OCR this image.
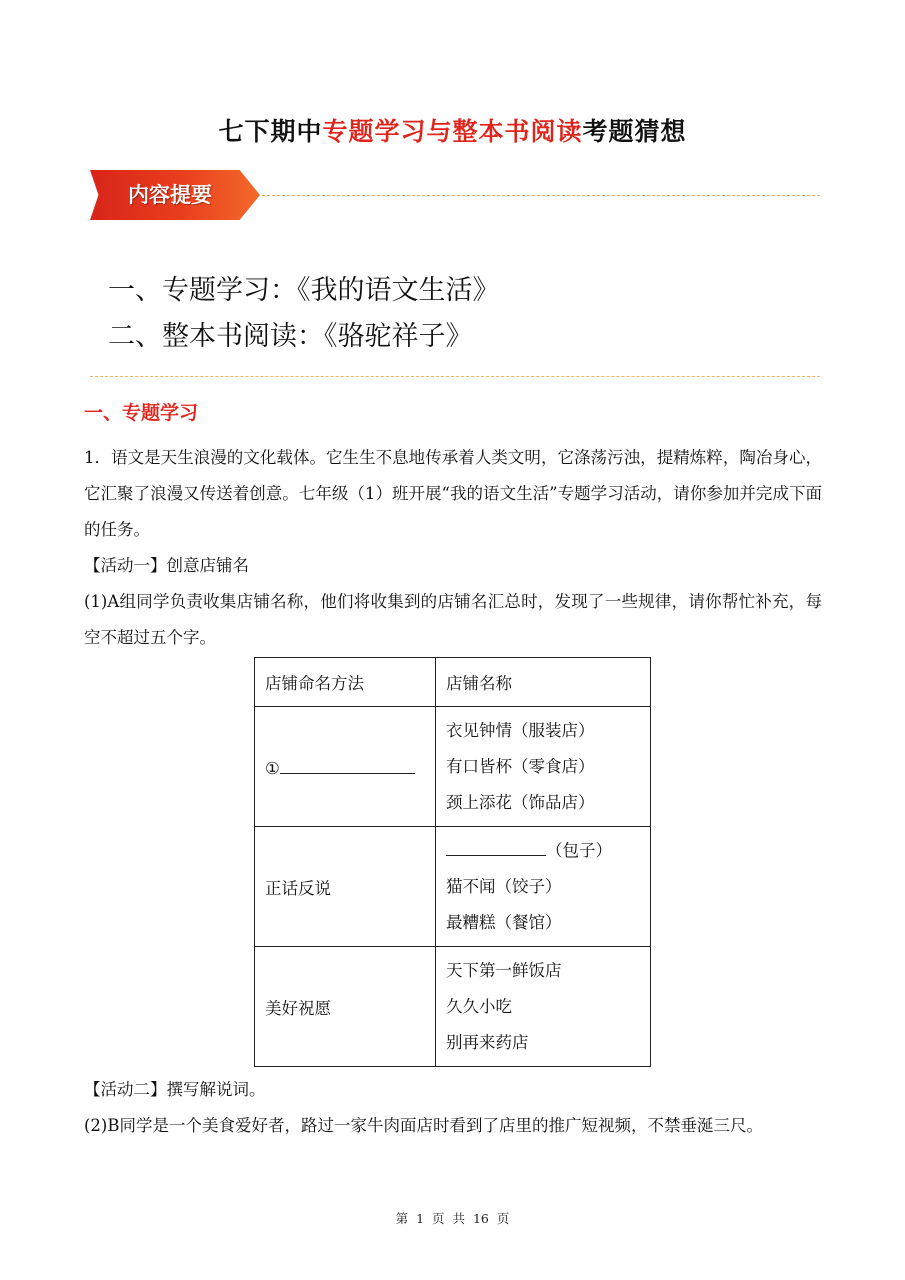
七下期中专题学习与整本书阅读考题猜想
内容提要
一、专题学习：《我的语文生活》
二、整本书阅读：《骆驼祥子》
一、专题学习
1．语文是天生浪漫的文化载体。它生生不息地传承着人类文明，它涤荡污浊，提精炼粹，陶冶身心，它汇聚了浪漫又传送着创意。七年级（1）班开展“我的语文生活”专题学习活动，请你参加并完成下面的任务。
【活动一】创意店铺名
(1)A组同学负责收集店铺名称，他们将收集到的店铺名汇总时，发现了一些规律，请你帮忙补充，每空不超过五个字。
店铺命名方法	店铺名称
①	衣见钟情（服装店）
有口皆杯（零食店）
颈上添花（饰品店）

正话反说	（包子）
猫不闻（饺子）
最糟糕（餐馆）

美好祝愿	天下第一鲜饭店
久久小吃
别再来药店
【活动二】撰写解说词。
(2)B同学是一个美食爱好者，路过一家牛肉面店时看到了店里的推广短视频，不禁垂涎三尺。
第 1 页 共 16 页
